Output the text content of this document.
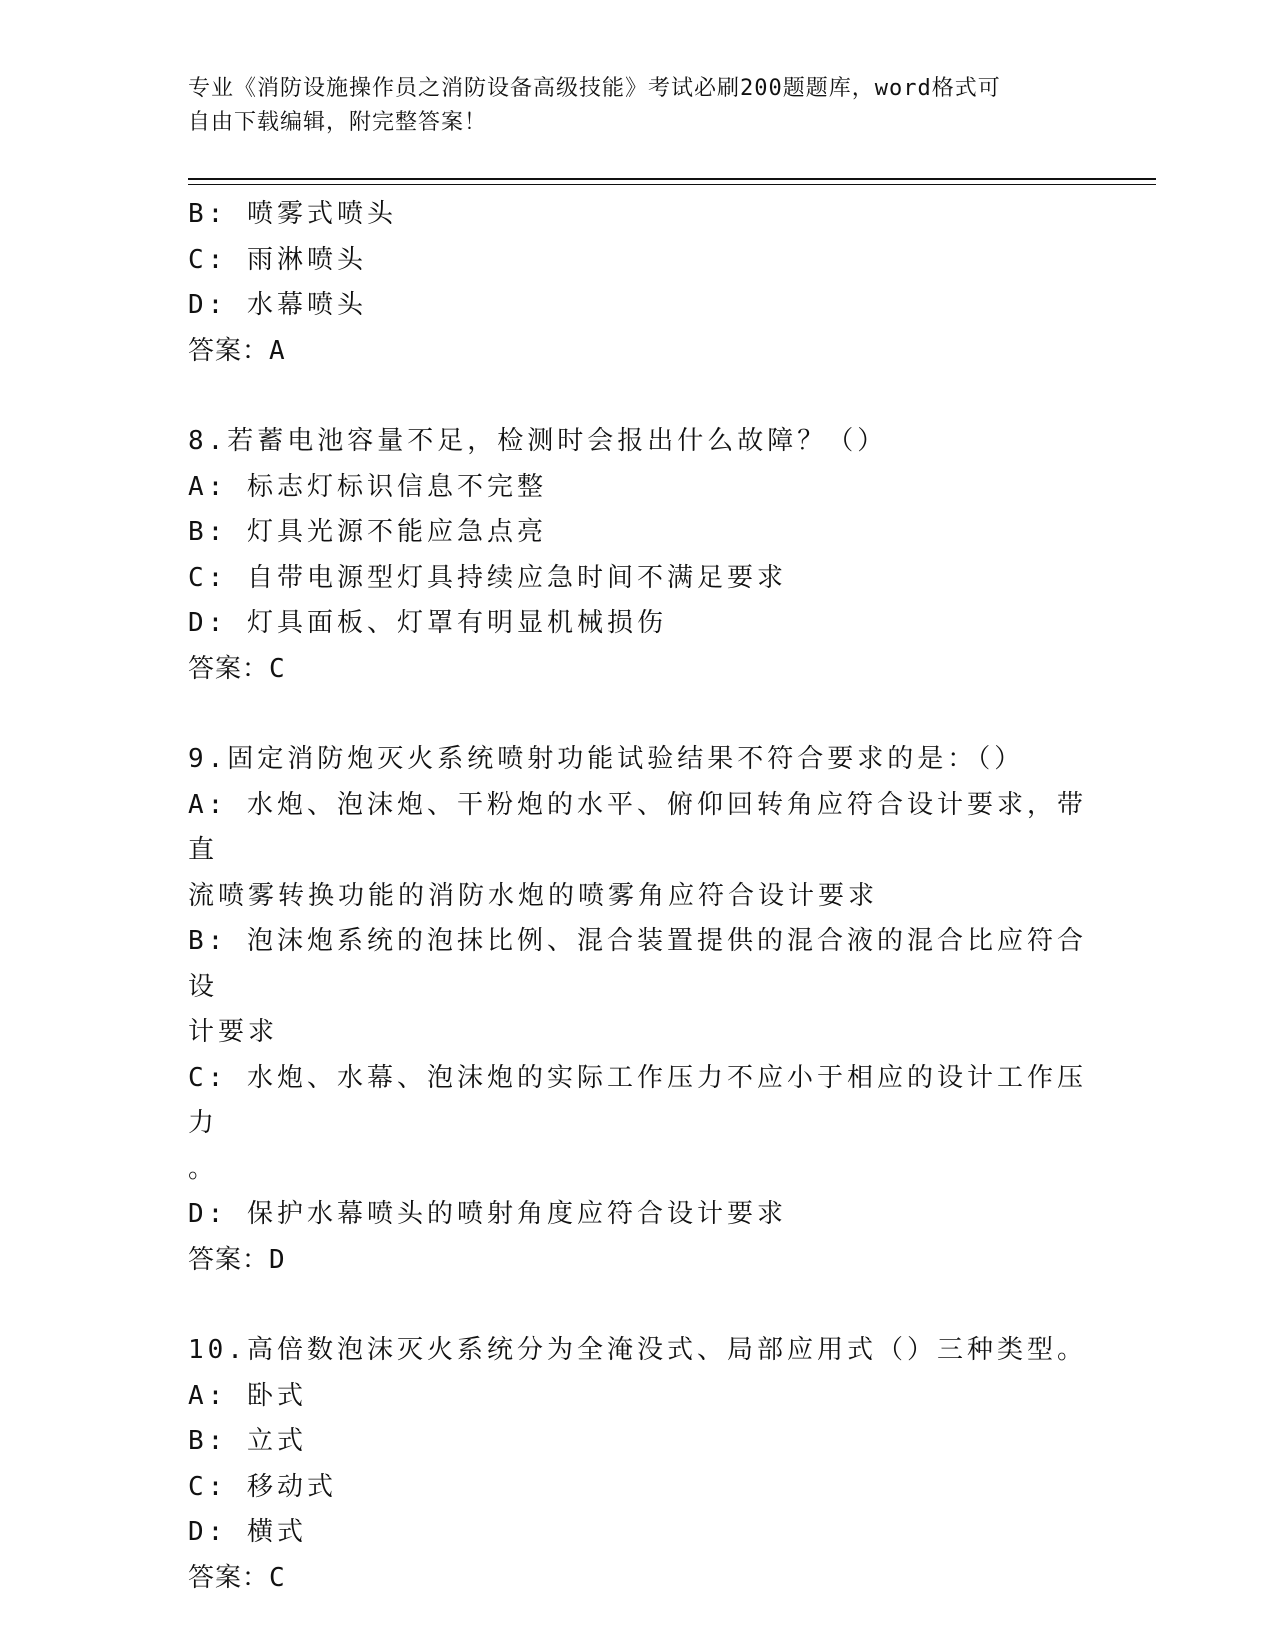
专业《消防设施操作员之消防设备高级技能》考试必刷200题题库，word格式可
自由下载编辑，附完整答案！

B: 喷雾式喷头

C: 雨淋喷头

D: 水幕喷头

答案：A

8.若蓄电池容量不足，检测时会报出什么故障？（）

A: 标志灯标识信息不完整

B: 灯具光源不能应急点亮

C: 自带电源型灯具持续应急时间不满足要求

D: 灯具面板、灯罩有明显机械损伤

答案：C

9.固定消防炮灭火系统喷射功能试验结果不符合要求的是：（）

A: 水炮、泡沫炮、干粉炮的水平、俯仰回转角应符合设计要求，带直

流喷雾转换功能的消防水炮的喷雾角应符合设计要求

B: 泡沫炮系统的泡抹比例、混合装置提供的混合液的混合比应符合设

计要求

C: 水炮、水幕、泡沫炮的实际工作压力不应小于相应的设计工作压力

。

D: 保护水幕喷头的喷射角度应符合设计要求

答案：D

10.高倍数泡沫灭火系统分为全淹没式、局部应用式（）三种类型。

A: 卧式

B: 立式

C: 移动式

D: 横式

答案：C
